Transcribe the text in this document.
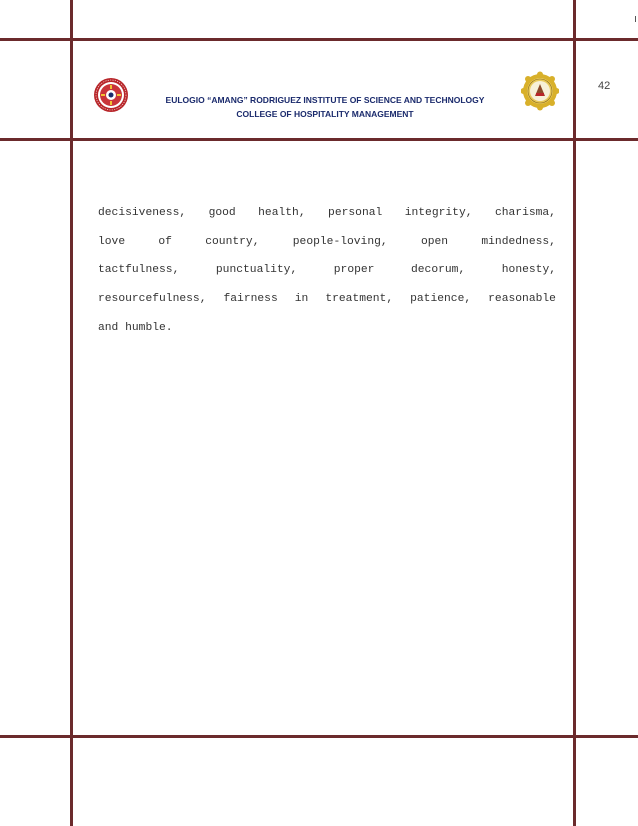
42
EULOGIO “AMANG” RODRIGUEZ INSTITUTE OF SCIENCE AND TECHNOLOGY
COLLEGE OF HOSPITALITY MANAGEMENT
decisiveness, good health, personal integrity, charisma,
love	of	country,	people-loving,	open	mindedness,
tactfulness,	punctuality,	proper	decorum,	honesty,
resourcefulness, fairness in treatment, patience, reasonable
and humble.
